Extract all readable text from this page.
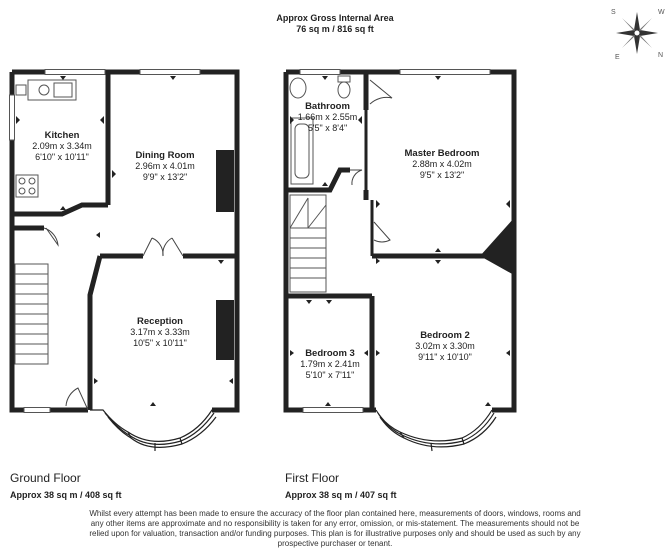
Approx Gross Internal Area
76 sq m / 816 sq ft
S	W
N
E
Kitchen
2.09m x 3.34m
6'10" x 10'11"	Dining Room
2.96m x 4.01m
9'9" x 13'2"
Reception
3.17m x 3.33m
10'5" x 10'11"
Bathroom
1.66m x 2.55m
5'5" x 8'4"
Master Bedroom
2.88m x 4.02m
9'5" x 13'2"
Bedroom 2
3.02m x 3.30m
9'11" x 10'10"
Bedroom 3
1.79m x 2.41m
5'10" x 7'11"
Ground Floor
Approx 38 sq m / 408 sq ft
First Floor
Approx 38 sq m / 407 sq ft
Whilst every attempt has been made to ensure the accuracy of the floor plan contained here, measurements of doors, windows, rooms and
any other items are approximate and no responsibility is taken for any error, omission, or mis-statement. The measurements should not be
relied upon for valuation, transaction and/or funding purposes. This plan is for illustrative purposes only and should be used as such by any
prospective purchaser or tenant.
